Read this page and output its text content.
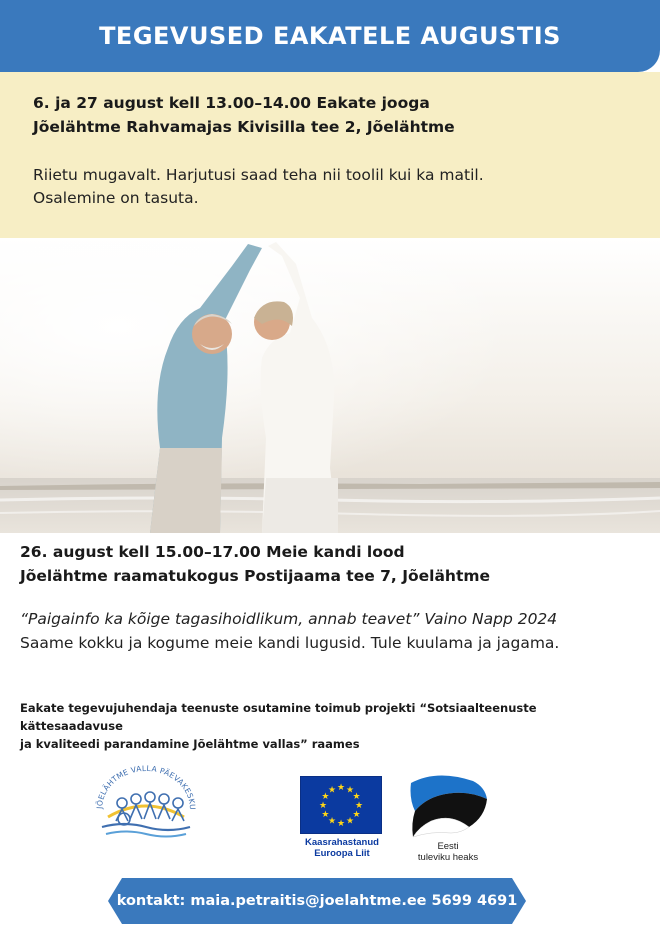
TEGEVUSED EAKATELE AUGUSTIS
6. ja 27 august kell 13.00–14.00 Eakate jooga
Jõelähtme Rahvamajas Kivisilla tee 2, Jõelähtme
Riietu mugavalt. Harjutusi saad teha nii toolil kui ka matil.
Osalemine on tasuta.
26. august kell 15.00–17.00 Meie kandi lood
Jõelähtme raamatukogus Postijaama tee 7, Jõelähtme
“Paigainfo ka kõige tagasihoidlikum, annab teavet” Vaino Napp 2024
Saame kokku ja kogume meie kandi lugusid. Tule kuulama ja jagama.
Eakate tegevujuhendaja teenuste osutamine toimub projekti “Sotsiaalteenuste kättesaadavuse
ja kvaliteedi parandamine Jõelähtme vallas” raames
JÕELÄHTME VALLA PÄEVAKESKU
★ ★
★
★
★
★
★
★
★
★
★
★
Kaasrahastanud
Euroopa Liit
Eesti
tuleviku heaks
kontakt: maia.petraitis@joelahtme.ee 5699 4691
